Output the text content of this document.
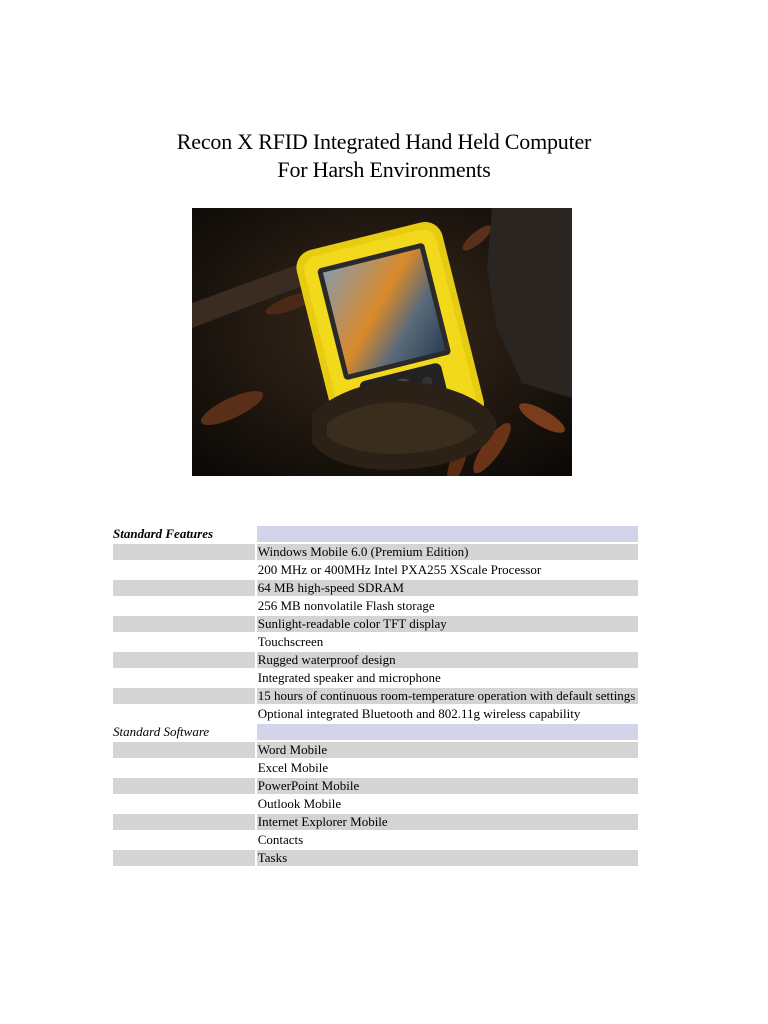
Recon X RFID Integrated Hand Held Computer
For Harsh Environments
Standard Features
Windows Mobile 6.0 (Premium Edition)
200 MHz or 400MHz Intel PXA255 XScale Processor
64 MB high-speed SDRAM
256 MB nonvolatile Flash storage
Sunlight-readable color TFT display
Touchscreen
Rugged waterproof design
Integrated speaker and microphone
15 hours of continuous room-temperature operation with default settings
Optional integrated Bluetooth and 802.11g wireless capability
Standard Software
Word Mobile
Excel Mobile
PowerPoint Mobile
Outlook Mobile
Internet Explorer Mobile
Contacts
Tasks
